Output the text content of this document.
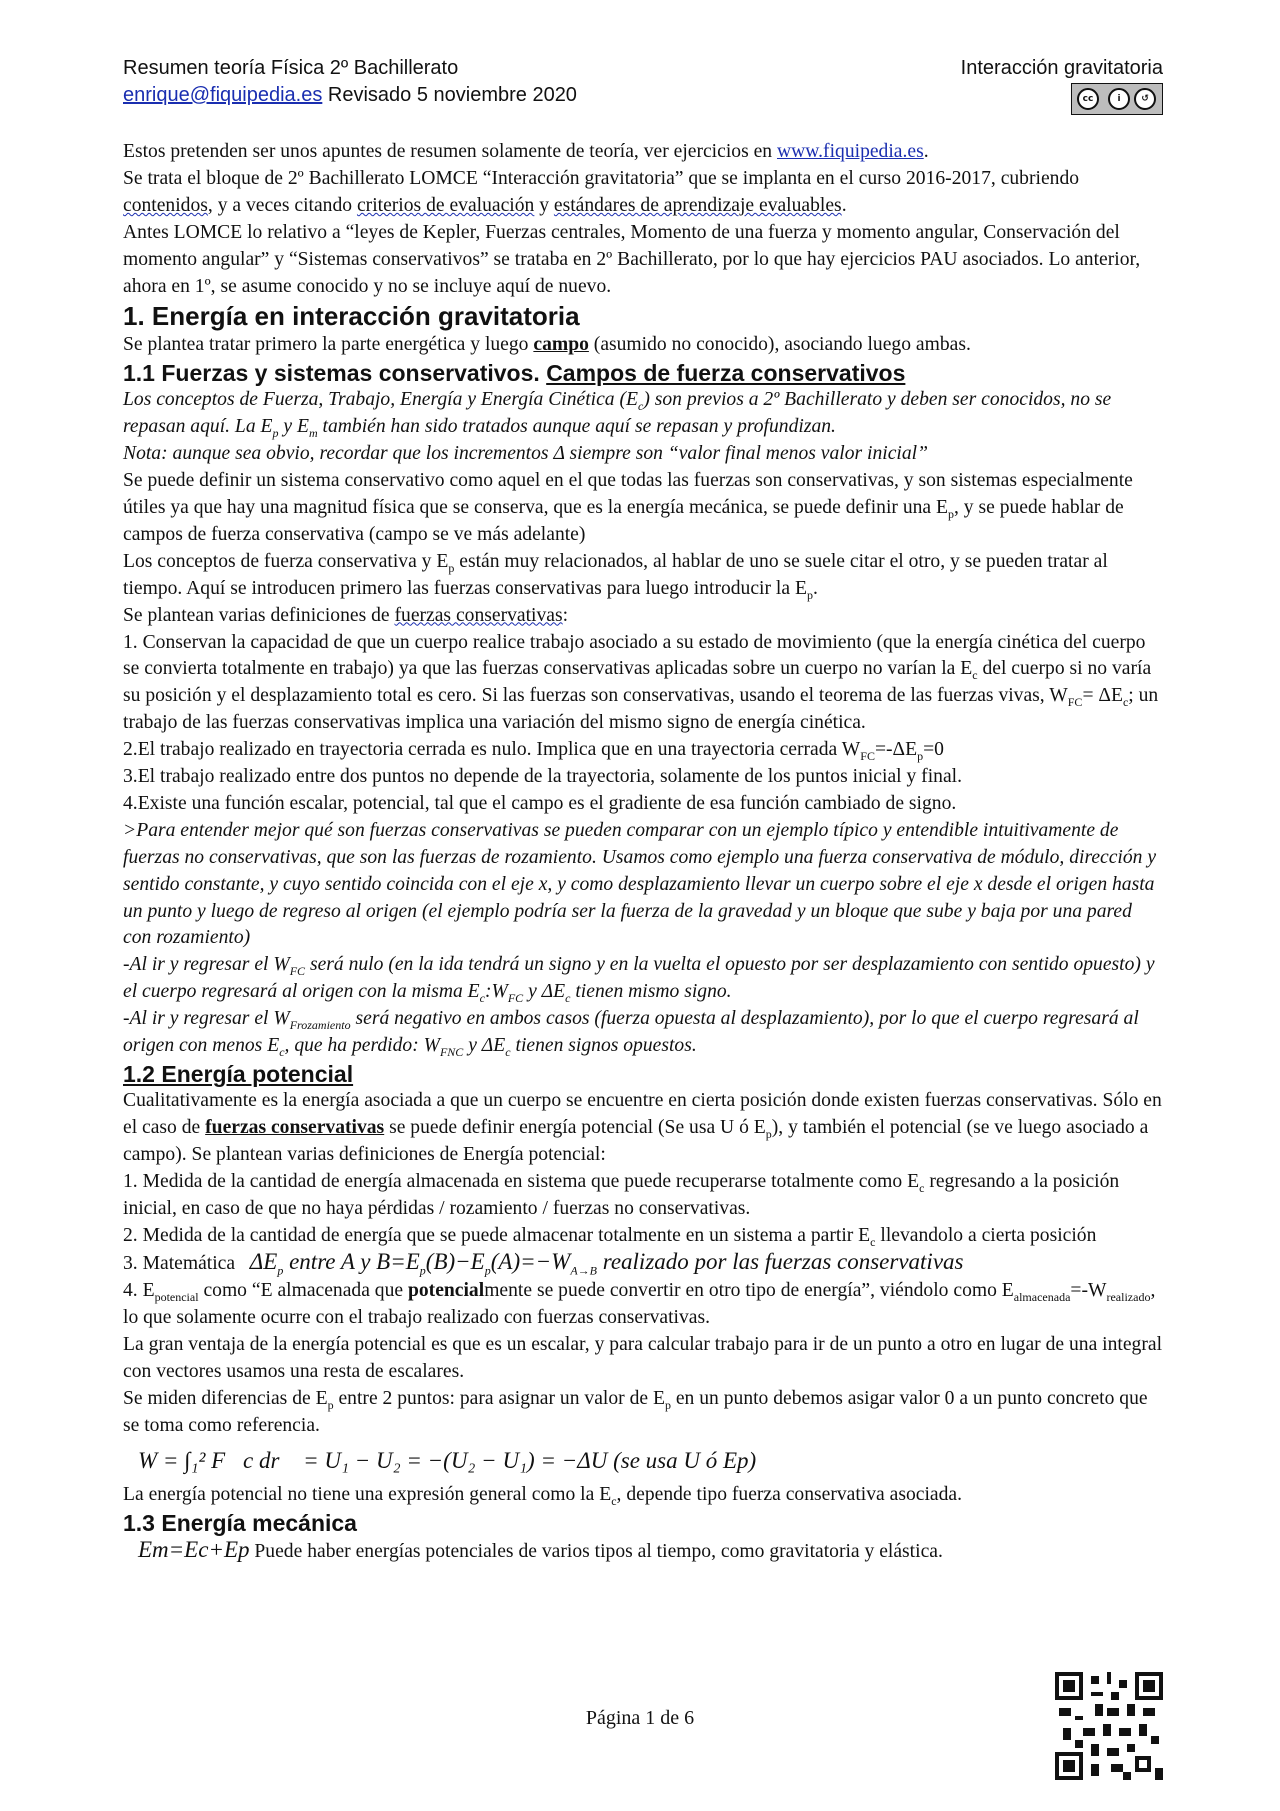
Resumen teoría Física 2º Bachillerato	Interacción gravitatoria
enrique@fiquipedia.es Revisado 5 noviembre 2020	cc	i	↺

Estos pretenden ser unos apuntes de resumen solamente de teoría, ver ejercicios en www.fiquipedia.es.
Se trata el bloque de 2º Bachillerato LOMCE “Interacción gravitatoria” que se implanta en el curso 2016-2017, cubriendo contenidos, y a veces citando criterios de evaluación y estándares de aprendizaje evaluables.
Antes LOMCE lo relativo a “leyes de Kepler, Fuerzas centrales, Momento de una fuerza y momento angular, Conservación del momento angular” y “Sistemas conservativos” se trataba en 2º Bachillerato, por lo que hay ejercicios PAU asociados. Lo anterior, ahora en 1º, se asume conocido y no se incluye aquí de nuevo.

1. Energía en interacción gravitatoria

Se plantea tratar primero la parte energética y luego campo (asumido no conocido), asociando luego ambas.

1.1 Fuerzas y sistemas conservativos. Campos de fuerza conservativos

Los conceptos de Fuerza, Trabajo, Energía y Energía Cinética $(E_c)$ son previos a 2º Bachillerato y deben ser conocidos, no se repasan aquí. La $E_p$ y $E_m$ también han sido tratados aunque aquí se repasan y profundizan.
Nota: aunque sea obvio, recordar que los incrementos Δ siempre son “valor final menos valor inicial”

Se puede definir un sistema conservativo como aquel en el que todas las fuerzas son conservativas, y son sistemas especialmente útiles ya que hay una magnitud física que se conserva, que es la energía mecánica, se puede definir una $E_p$, y se puede hablar de campos de fuerza conservativa (campo se ve más adelante)

Los conceptos de fuerza conservativa y $E_p$ están muy relacionados, al hablar de uno se suele citar el otro, y se pueden tratar al tiempo. Aquí se introducen primero las fuerzas conservativas para luego introducir la $E_p$.

Se plantean varias definiciones de fuerzas conservativas:

1. Conservan la capacidad de que un cuerpo realice trabajo asociado a su estado de movimiento (que la energía cinética del cuerpo se convierta totalmente en trabajo) ya que las fuerzas conservativas aplicadas sobre un cuerpo no varían la $E_c$ del cuerpo si no varía su posición y el desplazamiento total es cero. Si las fuerzas son conservativas, usando el teorema de las fuerzas vivas, $W_{FC}= \Delta E_c$; un trabajo de las fuerzas conservativas implica una variación del mismo signo de energía cinética.

2.El trabajo realizado en trayectoria cerrada es nulo. Implica que en una trayectoria cerrada $W_{FC}=-\Delta E_p=0$

3.El trabajo realizado entre dos puntos no depende de la trayectoria, solamente de los puntos inicial y final.

4.Existe una función escalar, potencial, tal que el campo es el gradiente de esa función cambiado de signo.

>Para entender mejor qué son fuerzas conservativas se pueden comparar con un ejemplo típico y entendible intuitivamente de fuerzas no conservativas, que son las fuerzas de rozamiento. Usamos como ejemplo una fuerza conservativa de módulo, dirección y sentido constante, y cuyo sentido coincida con el eje x, y como desplazamiento llevar un cuerpo sobre el eje x desde el origen hasta un punto y luego de regreso al origen (el ejemplo podría ser la fuerza de la gravedad y un bloque que sube y baja por una pared con rozamiento)

-Al ir y regresar el $W_{FC}$ será nulo (en la ida tendrá un signo y en la vuelta el opuesto por ser desplazamiento con sentido opuesto) y el cuerpo regresará al origen con la misma $E_c:W_{FC}$ y $\Delta E_c$ tienen mismo signo.

-Al ir y regresar el $W_{Frozamiento}$ será negativo en ambos casos (fuerza opuesta al desplazamiento), por lo que el cuerpo regresará al origen con menos $E_c$, que ha perdido: $W_{FNC}$ y $\Delta E_c$ tienen signos opuestos.

1.2 Energía potencial

Cualitativamente es la energía asociada a que un cuerpo se encuentre en cierta posición donde existen fuerzas conservativas. Sólo en el caso de fuerzas conservativas se puede definir energía potencial (Se usa U ó $E_p$), y también el potencial (se ve luego asociado a campo). Se plantean varias definiciones de Energía potencial:

1. Medida de la cantidad de energía almacenada en sistema que puede recuperarse totalmente como $E_c$ regresando a la posición inicial, en caso de que no haya pérdidas / rozamiento / fuerzas no conservativas.

2. Medida de la cantidad de energía que se puede almacenar totalmente en un sistema a partir $E_c$ llevandolo a cierta posición

3. Matemática $\Delta E_p$ entre A y $B=E_p(B)-E_p(A)=-W_{A\to B}$ realizado por las fuerzas conservativas

4. $E_{potencial}$ como “E almacenada que potencialmente se puede convertir en otro tipo de energía”, viéndolo como $E_{almacenada}=-W_{realizado}$, lo que solamente ocurre con el trabajo realizado con fuerzas conservativas.

La gran ventaja de la energía potencial es que es un escalar, y para calcular trabajo para ir de un punto a otro en lugar de una integral con vectores usamos una resta de escalares.

Se miden diferencias de $E_p$ entre 2 puntos: para asignar un valor de $E_p$ en un punto debemos asigar valor 0 a un punto concreto que se toma como referencia.

W = ∫₁² F⃗c dr⃗ = U₁ − U₂ = −(U₂ − U₁) = −ΔU (se usa U ó Ep)

La energía potencial no tiene una expresión general como la $E_c$, depende tipo fuerza conservativa asociada.

1.3 Energía mecánica

Em=Ec+Ep Puede haber energías potenciales de varios tipos al tiempo, como gravitatoria y elástica.

Página 1 de 6
